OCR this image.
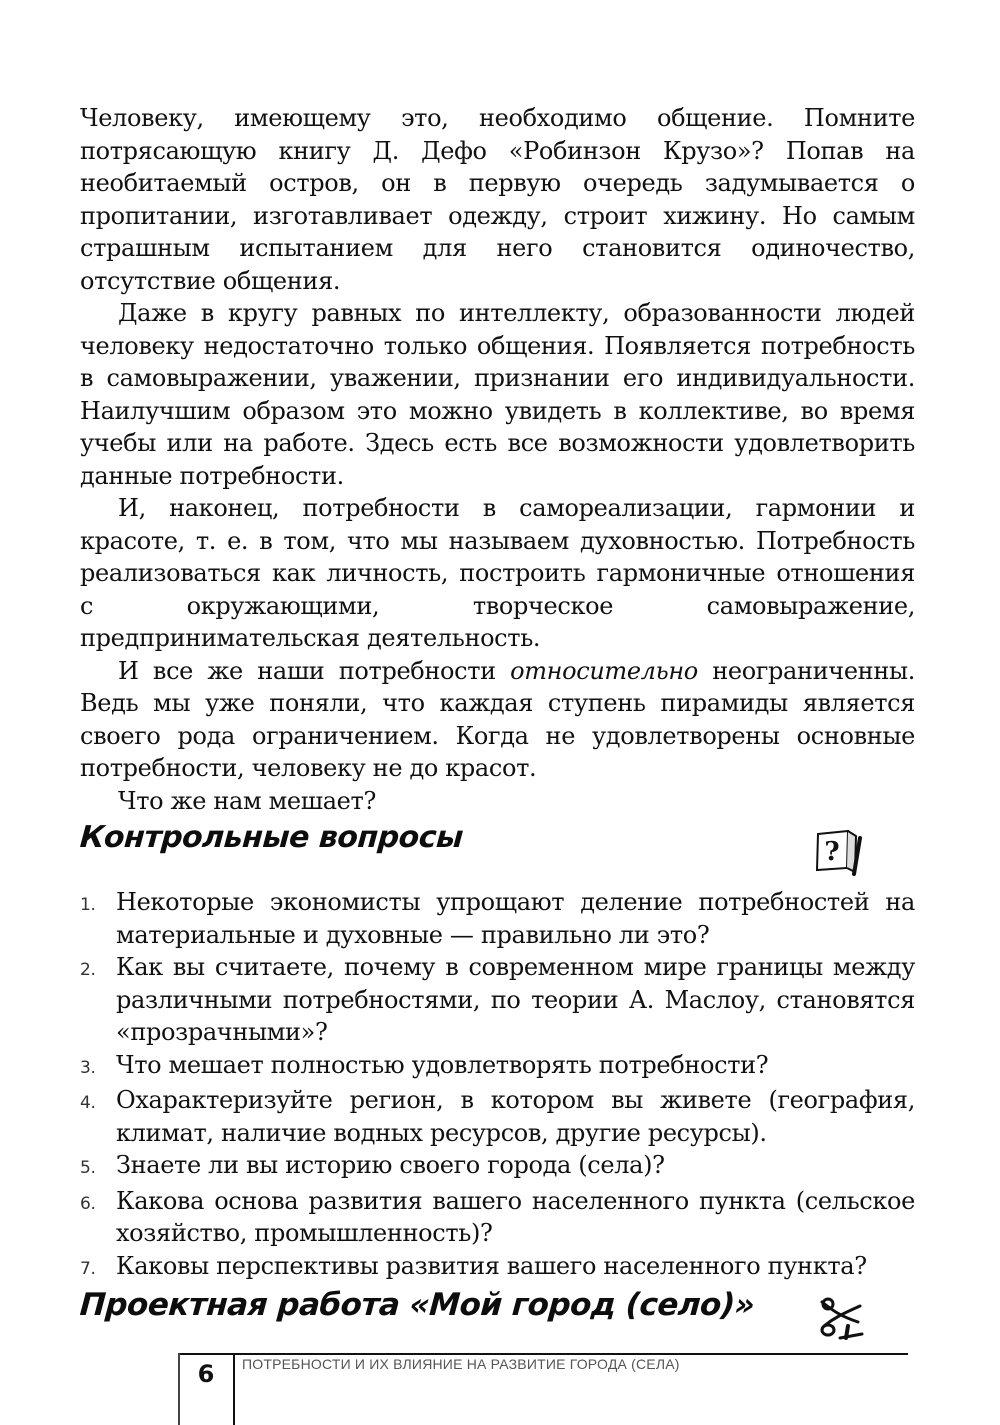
Человеку, имеющему это, необходимо общение. Помните потрясающую книгу Д. Дефо «Робинзон Крузо»? Попав на необитаемый остров, он в первую очередь задумывается о пропитании, изготавливает одежду, строит хижину. Но самым страшным испытанием для него становится одиночество, отсутствие общения.

Даже в кругу равных по интеллекту, образованности людей человеку недостаточно только общения. Появляется потребность в самовыражении, уважении, признании его индивидуальности. Наилучшим образом это можно увидеть в коллективе, во время учебы или на работе. Здесь есть все возможности удовлетворить данные потребности.

И, наконец, потребности в самореализации, гармонии и красоте, т. е. в том, что мы называем духовностью. Потребность реализоваться как личность, построить гармоничные отношения с окружающими, творческое самовыражение, предпринимательская деятельность.

И все же наши потребности относительно неограниченны. Ведь мы уже поняли, что каждая ступень пирамиды является своего рода ограничением. Когда не удовлетворены основные потребности, человеку не до красот.

Что же нам мешает?

Контрольные вопросы	?
1. Некоторые экономисты упрощают деление потребностей на материальные и духовные — правильно ли это?
2. Как вы считаете, почему в современном мире границы между различными потребностями, по теории А. Маслоу, становятся «прозрачными»?
3. Что мешает полностью удовлетворять потребности?
4. Охарактеризуйте регион, в котором вы живете (география, климат, наличие водных ресурсов, другие ресурсы).
5. Знаете ли вы историю своего города (села)?
6. Какова основа развития вашего населенного пункта (сельское хозяйство, промышленность)?
7. Каковы перспективы развития вашего населенного пункта?
Проектная работа «Мой город (село)»
6	ПОТРЕБНОСТИ И ИХ ВЛИЯНИЕ НА РАЗВИТИЕ ГОРОДА (СЕЛА)
